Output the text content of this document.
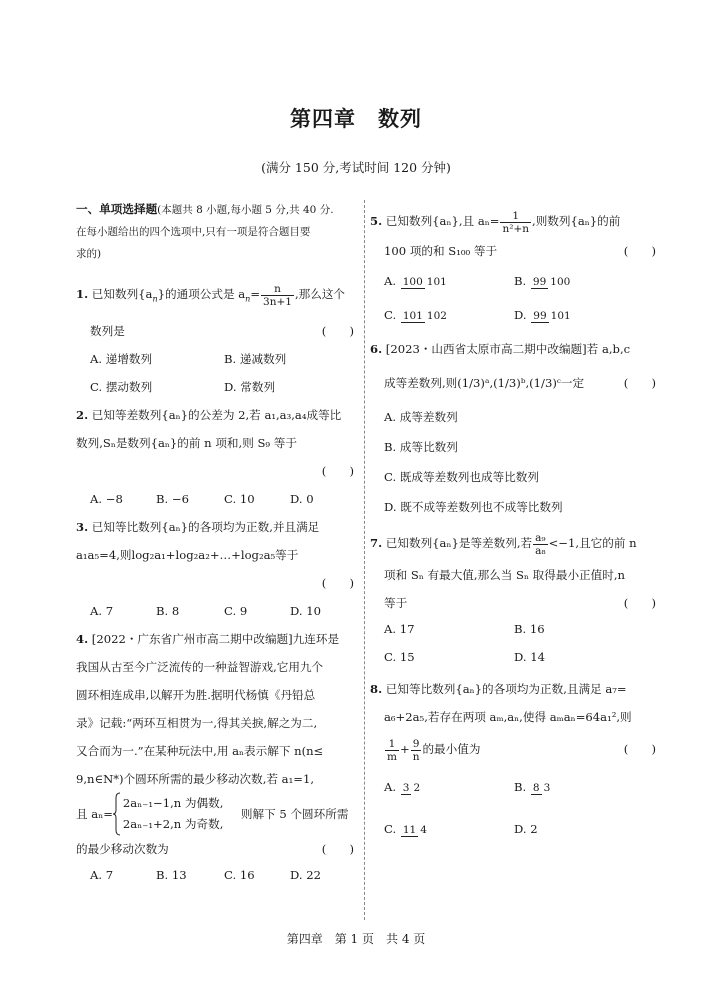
第四章　数列
(满分 150 分,考试时间 120 分钟)
一、单项选择题(本题共 8 小题,每小题 5 分,共 40 分.
在每小题给出的四个选项中,只有一项是符合题目要
求的)
1. 已知数列$\{a_n\}$的通项公式是 $a_n= \frac{n}{3n+1}$ ,那么这个
数列是	(　　)
A. 递增数列	B. 递减数列
C. 摆动数列	D. 常数列
2. 已知等差数列{aₙ}的公差为 2,若 a₁,a₃,a₄成等比
数列,Sₙ是数列{aₙ}的前 n 项和,则 S₉ 等于
(　　)

A. −8	B. −6	C. 10	D. 0
3. 已知等比数列{aₙ}的各项均为正数,并且满足
a₁a₅=4,则log₂a₁+log₂a₂+…+log₂a₅等于
(　　)

A. 7	B. 8	C. 9	D. 10
4. [2022・广东省广州市高二期中改编题]九连环是
我国从古至今广泛流传的一种益智游戏,它用九个
圆环相连成串,以解开为胜.据明代杨慎《丹铅总
录》记载:“两环互相贯为一,得其关捩,解之为二,
又合而为一.”在某种玩法中,用 aₙ表示解下 n(n≤
9,n∈N*)个圆环所需的最少移动次数,若 a₁=1,
且 aₙ=
2aₙ₋₁−1,n 为偶数,
2aₙ₋₁+2,n 为奇数,
则解下 5 个圆环所需
的最少移动次数为	(　　)
A. 7	B. 13	C. 16	D. 22
5. 已知数列{aₙ},且 $a_n= \frac{1}{\text{n²+n}}$ ,则数列{aₙ}的前
100 项的和 S₁₀₀ 等于	(　　)
A. 100 101	B. 99 100
C. 101 102	D. 99 101
6. [2023・山西省太原市高二期中改编题]若 a,b,c
成等差数列,则(1/3)ᵃ,(1/3)ᵇ,(1/3)ᶜ一定	(　　)
A. 成等差数列
B. 成等比数列
C. 既成等差数列也成等比数列
D. 既不成等差数列也不成等比数列
7. 已知数列{aₙ}是等差数列,若 $\frac{\text{a₉}}{\text{a₈}} <-1$,且它的前 n
项和 Sₙ 有最大值,那么当 Sₙ 取得最小正值时,n
等于	(　　)
A. 17	B. 16
C. 15	D. 14
8. 已知等比数列{aₙ}的各项均为正数,且满足 a₇=
a₆+2a₅,若存在两项 aₘ,aₙ,使得 aₘaₙ=64a₁²,则
$\frac{1}{m} + \frac{9}{n}$ 的最小值为	(　　)
A. 3 2	B. 8 3
C. 11 4	D. 2
第四章　第 1 页　共 4 页
